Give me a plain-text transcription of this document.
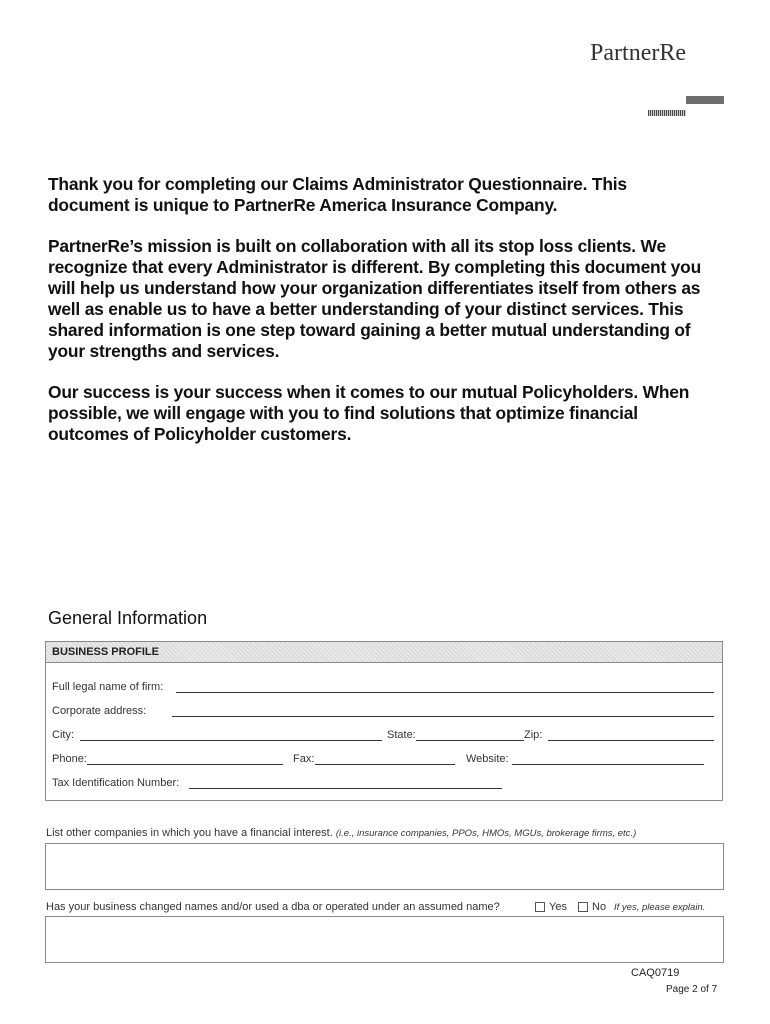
PartnerRe

Thank you for completing our Claims Administrator Questionnaire. This document is unique to PartnerRe America Insurance Company.

PartnerRe’s mission is built on collaboration with all its stop loss clients. We recognize that every Administrator is different. By completing this document you will help us understand how your organization differentiates itself from others as well as enable us to have a better understanding of your distinct services. This shared information is one step toward gaining a better mutual understanding of your strengths and services.

Our success is your success when it comes to our mutual Policyholders. When possible, we will engage with you to find solutions that optimize financial outcomes of Policyholder customers.

General Information
BUSINESS PROFILE
Full legal name of firm:
Corporate address:
City:	State:	Zip:
Phone:	Fax:	Website:
Tax Identification Number:
List other companies in which you have a financial interest. (i.e., insurance companies, PPOs, HMOs, MGUs, brokerage firms, etc.)
Has your business changed names and/or used a dba or operated under an assumed name?	Yes No If yes, please explain.
CAQ0719
Page 2 of 7
